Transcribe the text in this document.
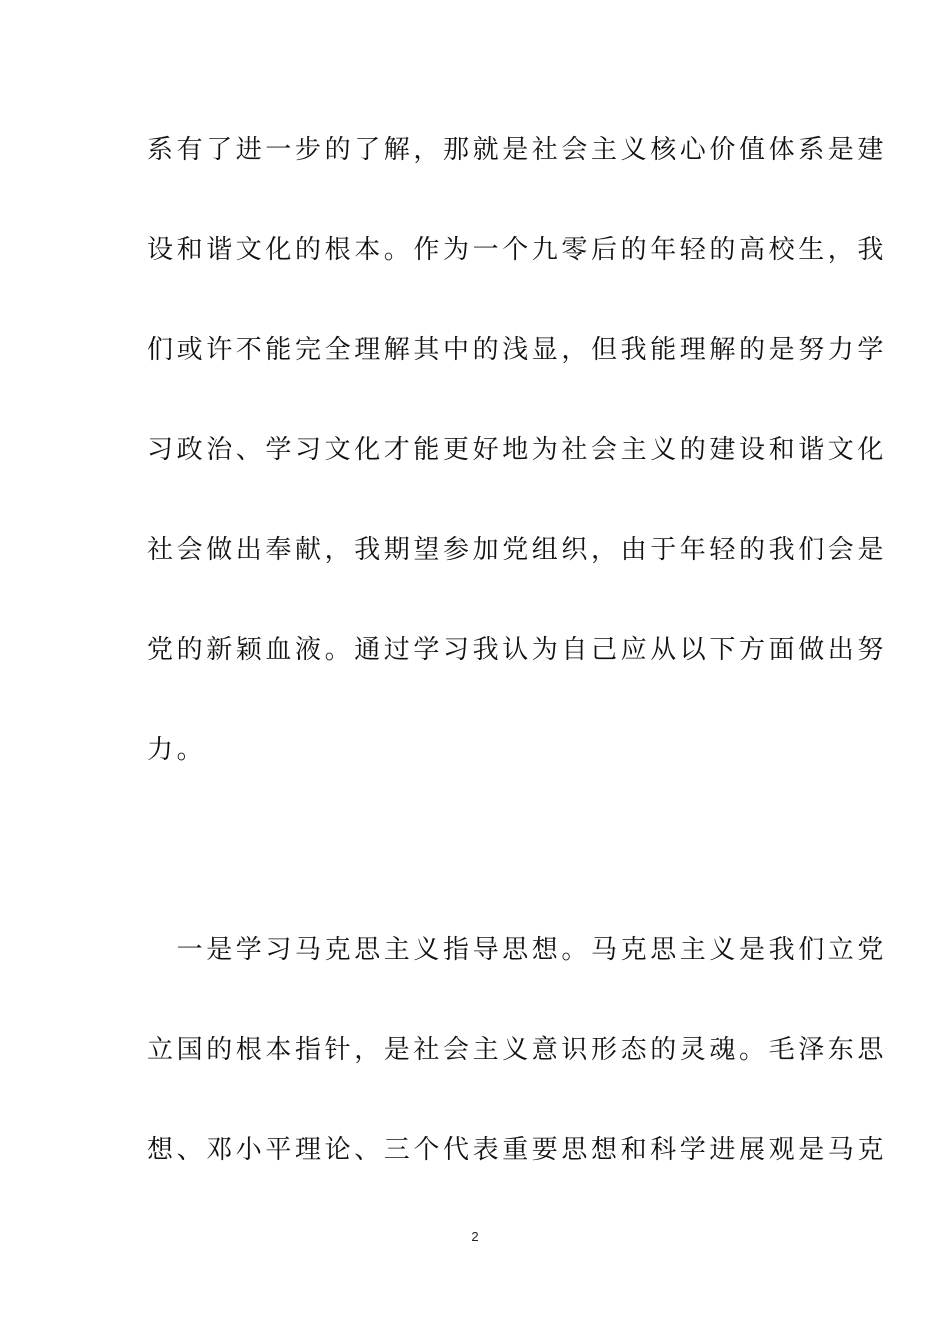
系有了进一步的了解，那就是社会主义核心价值体系是建
设和谐文化的根本。作为一个九零后的年轻的高校生，我
们或许不能完全理解其中的浅显，但我能理解的是努力学
习政治、学习文化才能更好地为社会主义的建设和谐文化
社会做出奉献，我期望参加党组织，由于年轻的我们会是
党的新颖血液。通过学习我认为自己应从以下方面做出努
力。
　一是学习马克思主义指导思想。马克思主义是我们立党
立国的根本指针，是社会主义意识形态的灵魂。毛泽东思
想、邓小平理论、三个代表重要思想和科学进展观是马克
2
